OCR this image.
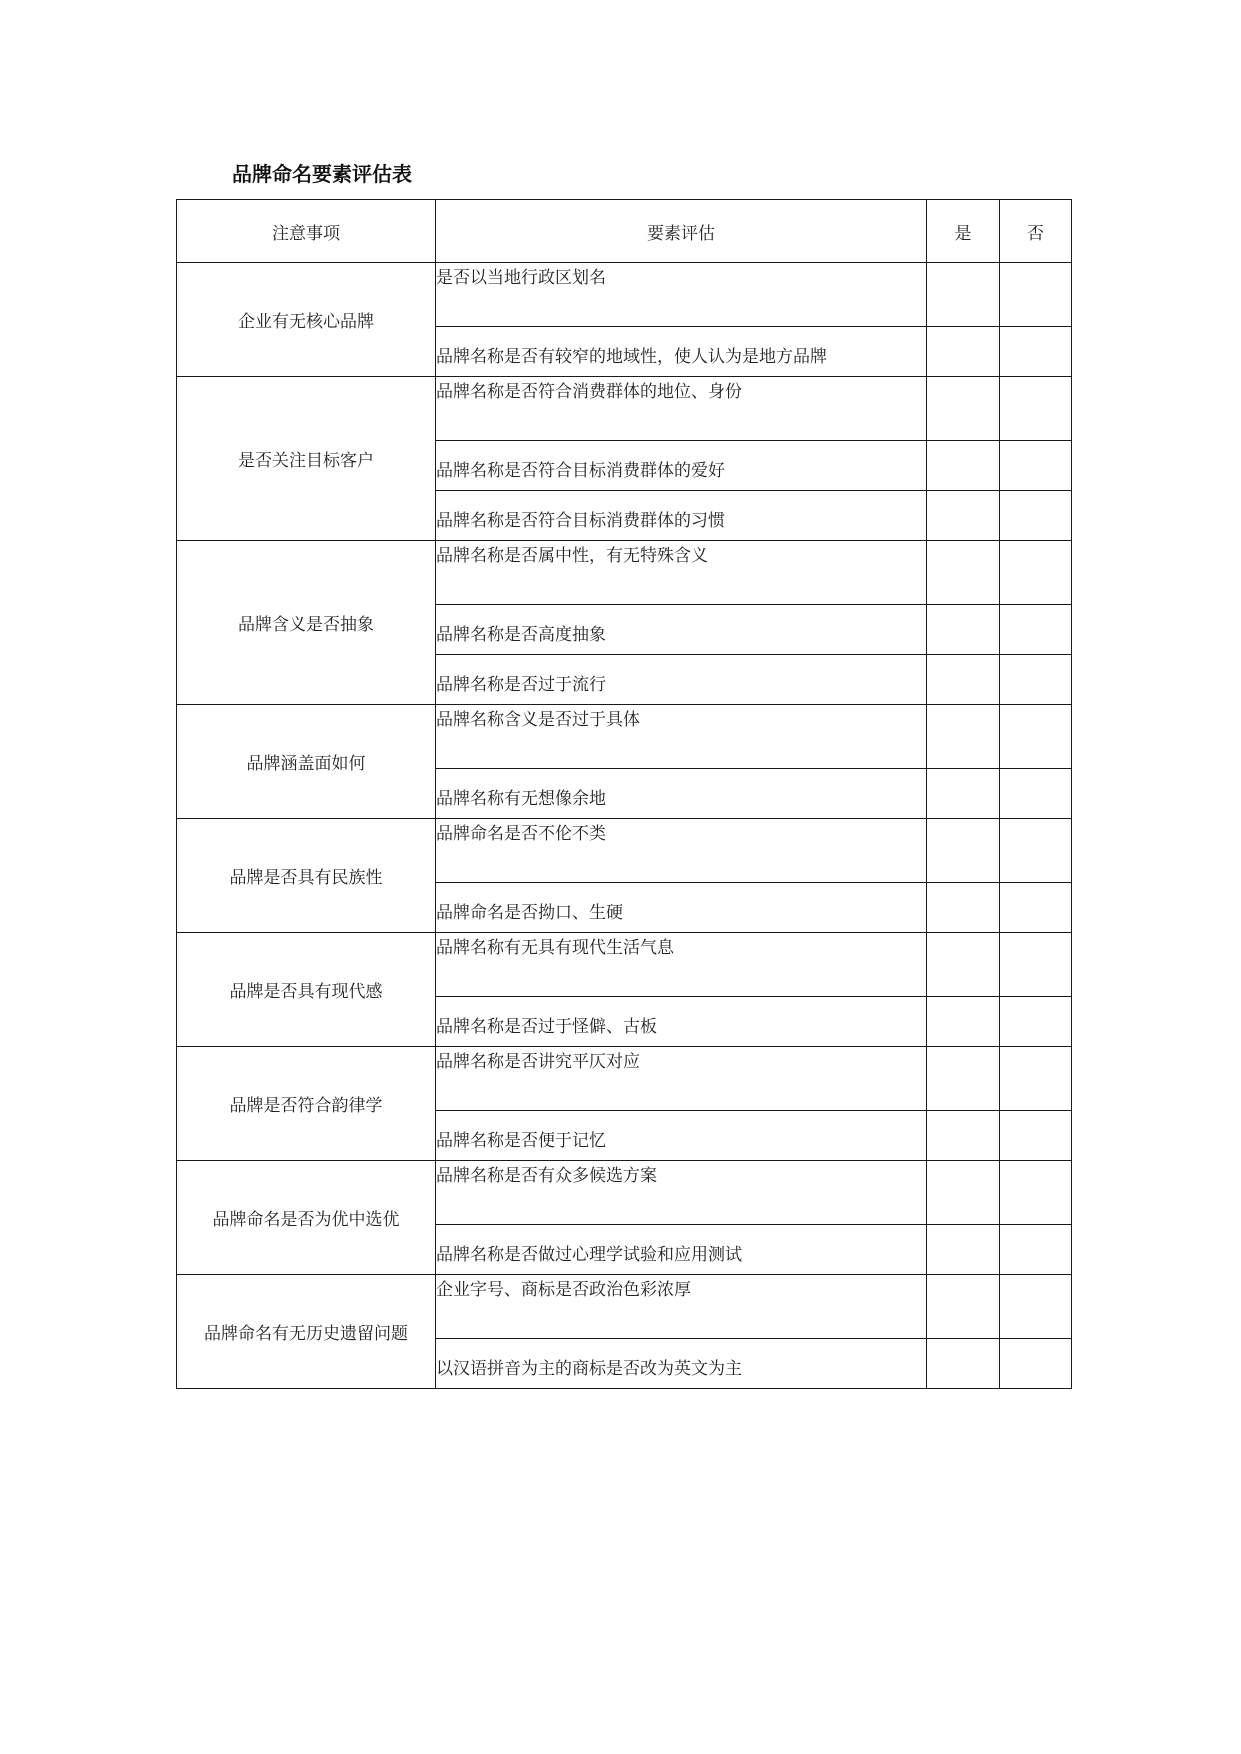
品牌命名要素评估表
注意事项	要素评估	是	否
企业有无核心品牌	是否以当地行政区划名		
	品牌名称是否有较窄的地域性，使人认为是地方品牌		
是否关注目标客户	品牌名称是否符合消费群体的地位、身份		
	品牌名称是否符合目标消费群体的爱好		
	品牌名称是否符合目标消费群体的习惯		
品牌含义是否抽象	品牌名称是否属中性，有无特殊含义		
	品牌名称是否高度抽象		
	品牌名称是否过于流行		
品牌涵盖面如何	品牌名称含义是否过于具体		
	品牌名称有无想像余地		
品牌是否具有民族性	品牌命名是否不伦不类		
	品牌命名是否拗口、生硬		
品牌是否具有现代感	品牌名称有无具有现代生活气息		
	品牌名称是否过于怪僻、古板		
品牌是否符合韵律学	品牌名称是否讲究平仄对应		
	品牌名称是否便于记忆		
品牌命名是否为优中选优	品牌名称是否有众多候选方案		
	品牌名称是否做过心理学试验和应用测试		
品牌命名有无历史遗留问题	企业字号、商标是否政治色彩浓厚		
	以汉语拼音为主的商标是否改为英文为主		
